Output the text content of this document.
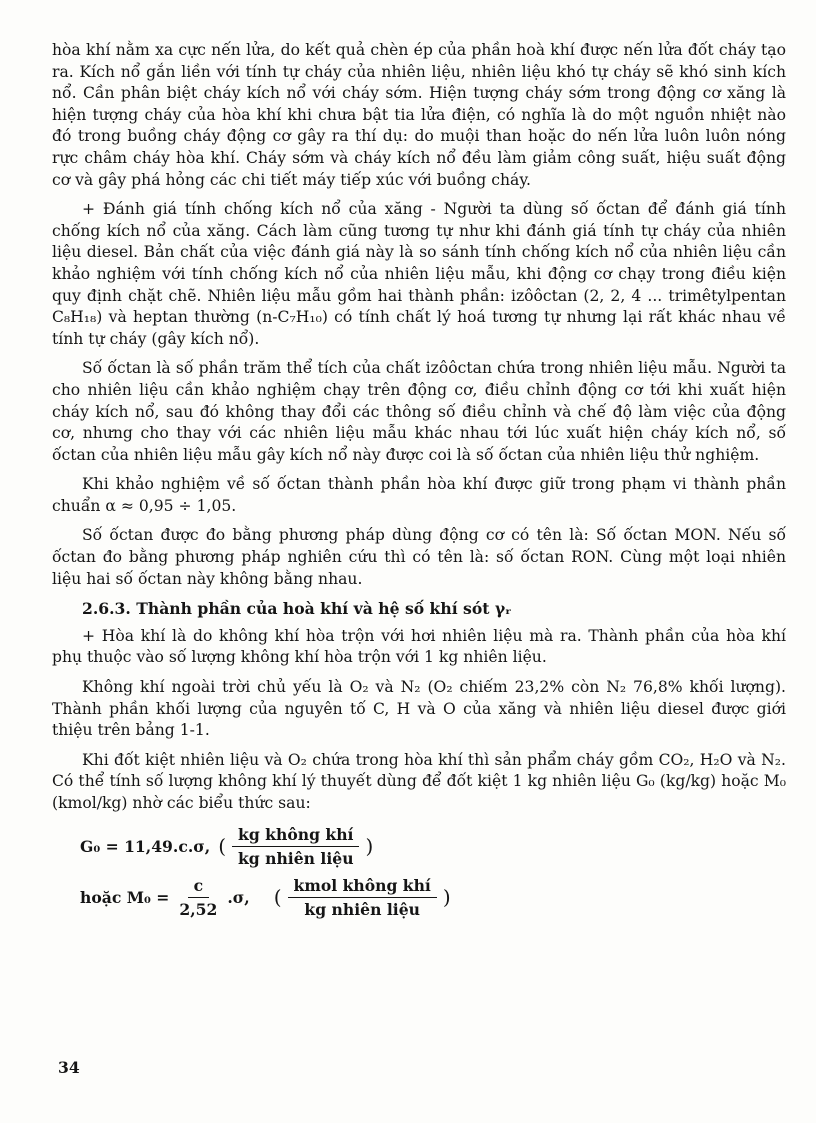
hòa khí nằm xa cực nến lửa, do kết quả chèn ép của phần hoà khí được nến lửa đốt cháy tạo ra. Kích nổ gắn liền với tính tự cháy của nhiên liệu, nhiên liệu khó tự cháy sẽ khó sinh kích nổ. Cần phân biệt cháy kích nổ với cháy sớm. Hiện tượng cháy sớm trong động cơ xăng là hiện tượng cháy của hòa khí khi chưa bật tia lửa điện, có nghĩa là do một nguồn nhiệt nào đó trong buồng cháy động cơ gây ra thí dụ: do muội than hoặc do nến lửa luôn luôn nóng rực châm cháy hòa khí. Cháy sớm và cháy kích nổ đều làm giảm công suất, hiệu suất động cơ và gây phá hỏng các chi tiết máy tiếp xúc với buồng cháy.

+ Đánh giá tính chống kích nổ của xăng - Người ta dùng số ốctan để đánh giá tính chống kích nổ của xăng. Cách làm cũng tương tự như khi đánh giá tính tự cháy của nhiên liệu diesel. Bản chất của việc đánh giá này là so sánh tính chống kích nổ của nhiên liệu cần khảo nghiệm với tính chống kích nổ của nhiên liệu mẫu, khi động cơ chạy trong điều kiện quy định chặt chẽ. Nhiên liệu mẫu gồm hai thành phần: izôôctan (2, 2, 4 ... trimêtylpentan C₈H₁₈) và heptan thường (n-C₇H₁₀) có tính chất lý hoá tương tự nhưng lại rất khác nhau về tính tự cháy (gây kích nổ).

Số ốctan là số phần trăm thể tích của chất izôôctan chứa trong nhiên liệu mẫu. Người ta cho nhiên liệu cần khảo nghiệm chạy trên động cơ, điều chỉnh động cơ tới khi xuất hiện cháy kích nổ, sau đó không thay đổi các thông số điều chỉnh và chế độ làm việc của động cơ, nhưng cho thay với các nhiên liệu mẫu khác nhau tới lúc xuất hiện cháy kích nổ, số ốctan của nhiên liệu mẫu gây kích nổ này được coi là số ốctan của nhiên liệu thử nghiệm.

Khi khảo nghiệm về số ốctan thành phần hòa khí được giữ trong phạm vi thành phần chuẩn α ≈ 0,95 ÷ 1,05.

Số ốctan được đo bằng phương pháp dùng động cơ có tên là: Số ốctan MON. Nếu số ốctan đo bằng phương pháp nghiên cứu thì có tên là: số ốctan RON. Cùng một loại nhiên liệu hai số ốctan này không bằng nhau.

2.6.3. Thành phần của hoà khí và hệ số khí sót γᵣ

+ Hòa khí là do không khí hòa trộn với hơi nhiên liệu mà ra. Thành phần của hòa khí phụ thuộc vào số lượng không khí hòa trộn với 1 kg nhiên liệu.

Không khí ngoài trời chủ yếu là O₂ và N₂ (O₂ chiếm 23,2% còn N₂ 76,8% khối lượng). Thành phần khối lượng của nguyên tố C, H và O của xăng và nhiên liệu diesel được giới thiệu trên bảng 1-1.

Khi đốt kiệt nhiên liệu và O₂ chứa trong hòa khí thì sản phẩm cháy gồm CO₂, H₂O và N₂. Có thể tính số lượng không khí lý thuyết dùng để đốt kiệt 1 kg nhiên liệu G₀ (kg/kg) hoặc M₀ (kmol/kg) nhờ các biểu thức sau:

G₀ = 11,49.c.σ, ( $\frac{\text{kg không khí}}{\text{kg nhiên liệu}}$ )
hoặc $M_0 = \frac{c}{2,52} .\sigma$, ( $\frac{\text{kmol không khí}}{\text{kg nhiên liệu}}$ )
34
